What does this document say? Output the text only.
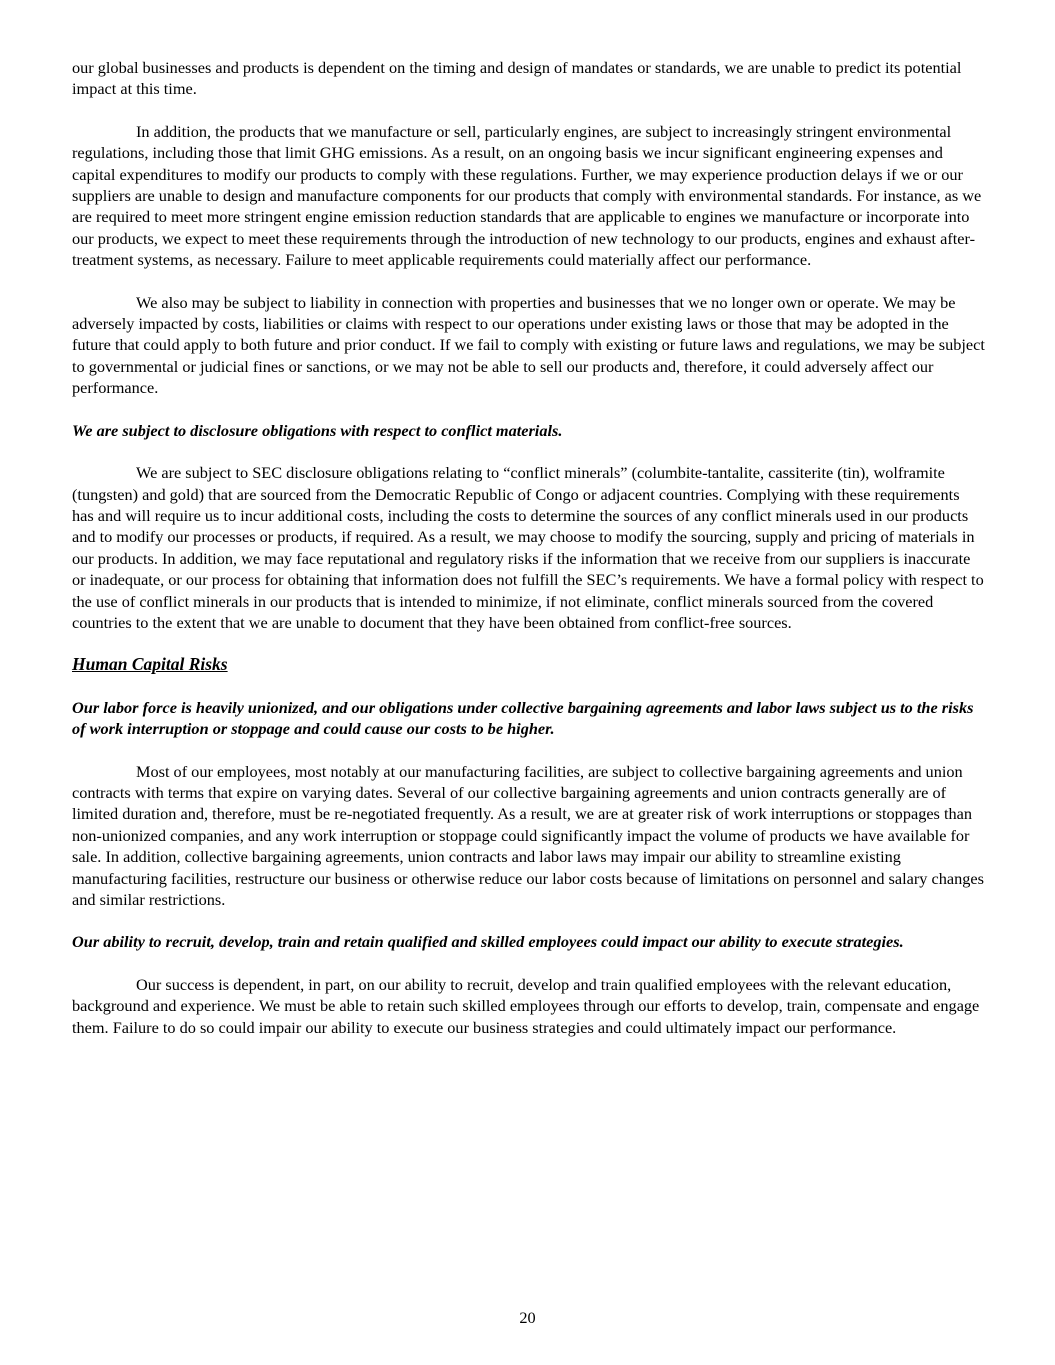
our global businesses and products is dependent on the timing and design of mandates or standards, we are unable to predict its potential impact at this time.

In addition, the products that we manufacture or sell, particularly engines, are subject to increasingly stringent environmental regulations, including those that limit GHG emissions. As a result, on an ongoing basis we incur significant engineering expenses and capital expenditures to modify our products to comply with these regulations. Further, we may experience production delays if we or our suppliers are unable to design and manufacture components for our products that comply with environmental standards. For instance, as we are required to meet more stringent engine emission reduction standards that are applicable to engines we manufacture or incorporate into our products, we expect to meet these requirements through the introduction of new technology to our products, engines and exhaust after-treatment systems, as necessary. Failure to meet applicable requirements could materially affect our performance.

We also may be subject to liability in connection with properties and businesses that we no longer own or operate. We may be adversely impacted by costs, liabilities or claims with respect to our operations under existing laws or those that may be adopted in the future that could apply to both future and prior conduct. If we fail to comply with existing or future laws and regulations, we may be subject to governmental or judicial fines or sanctions, or we may not be able to sell our products and, therefore, it could adversely affect our performance.

We are subject to disclosure obligations with respect to conflict materials.

We are subject to SEC disclosure obligations relating to “conflict minerals” (columbite-tantalite, cassiterite (tin), wolframite (tungsten) and gold) that are sourced from the Democratic Republic of Congo or adjacent countries. Complying with these requirements has and will require us to incur additional costs, including the costs to determine the sources of any conflict minerals used in our products and to modify our processes or products, if required. As a result, we may choose to modify the sourcing, supply and pricing of materials in our products. In addition, we may face reputational and regulatory risks if the information that we receive from our suppliers is inaccurate or inadequate, or our process for obtaining that information does not fulfill the SEC’s requirements. We have a formal policy with respect to the use of conflict minerals in our products that is intended to minimize, if not eliminate, conflict minerals sourced from the covered countries to the extent that we are unable to document that they have been obtained from conflict-free sources.

Human Capital Risks

Our labor force is heavily unionized, and our obligations under collective bargaining agreements and labor laws subject us to the risks of work interruption or stoppage and could cause our costs to be higher.

Most of our employees, most notably at our manufacturing facilities, are subject to collective bargaining agreements and union contracts with terms that expire on varying dates. Several of our collective bargaining agreements and union contracts generally are of limited duration and, therefore, must be re-negotiated frequently. As a result, we are at greater risk of work interruptions or stoppages than non-unionized companies, and any work interruption or stoppage could significantly impact the volume of products we have available for sale. In addition, collective bargaining agreements, union contracts and labor laws may impair our ability to streamline existing manufacturing facilities, restructure our business or otherwise reduce our labor costs because of limitations on personnel and salary changes and similar restrictions.

Our ability to recruit, develop, train and retain qualified and skilled employees could impact our ability to execute strategies.

Our success is dependent, in part, on our ability to recruit, develop and train qualified employees with the relevant education, background and experience. We must be able to retain such skilled employees through our efforts to develop, train, compensate and engage them. Failure to do so could impair our ability to execute our business strategies and could ultimately impact our performance.

20
